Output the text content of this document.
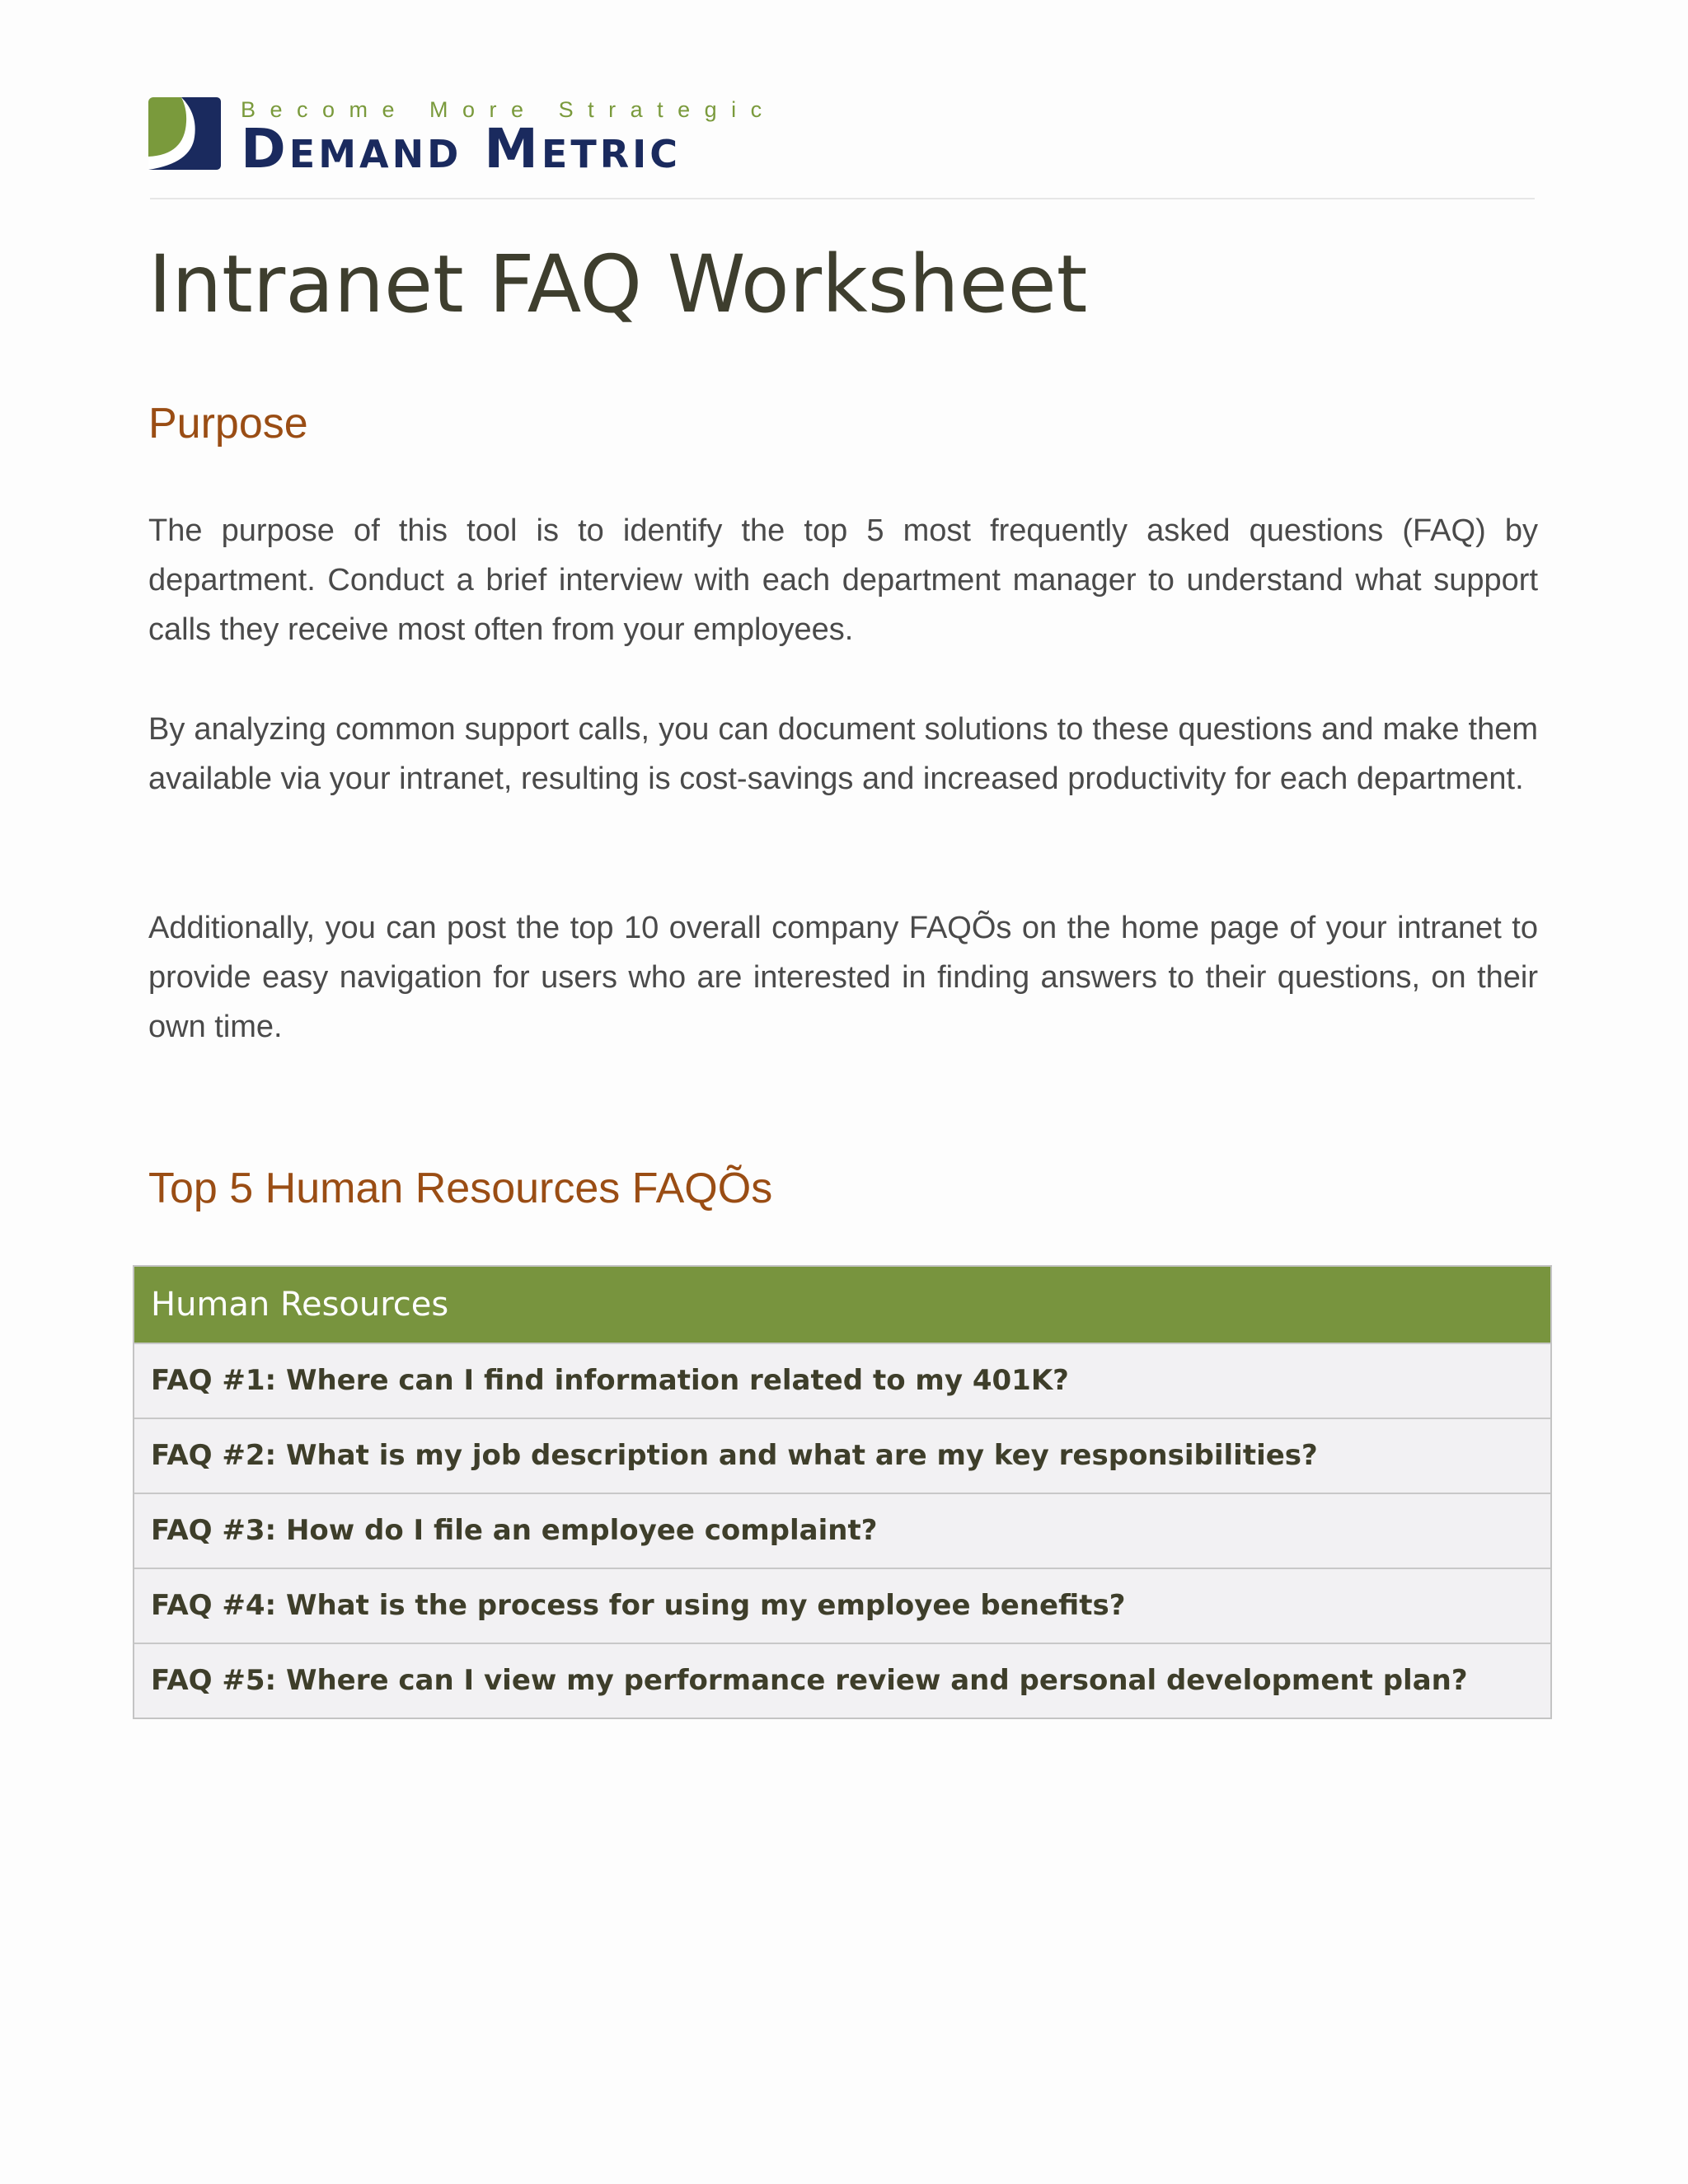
Become More Strategic
Demand Metric
Intranet FAQ Worksheet
Purpose

The purpose of this tool is to identify the top 5 most frequently asked questions (FAQ) by department. Conduct a brief interview with each department manager to understand what support calls they receive most often from your employees.

By analyzing common support calls, you can document solutions to these questions and make them available via your intranet, resulting is cost-savings and increased productivity for each department.

Additionally, you can post the top 10 overall company FAQÕs on the home page of your intranet to provide easy navigation for users who are interested in finding answers to their questions, on their own time.

Top 5 Human Resources FAQÕs
Human Resources
FAQ #1: Where can I find information related to my 401K?
FAQ #2: What is my job description and what are my key responsibilities?
FAQ #3: How do I file an employee complaint?
FAQ #4: What is the process for using my employee benefits?
FAQ #5: Where can I view my performance review and personal development plan?
